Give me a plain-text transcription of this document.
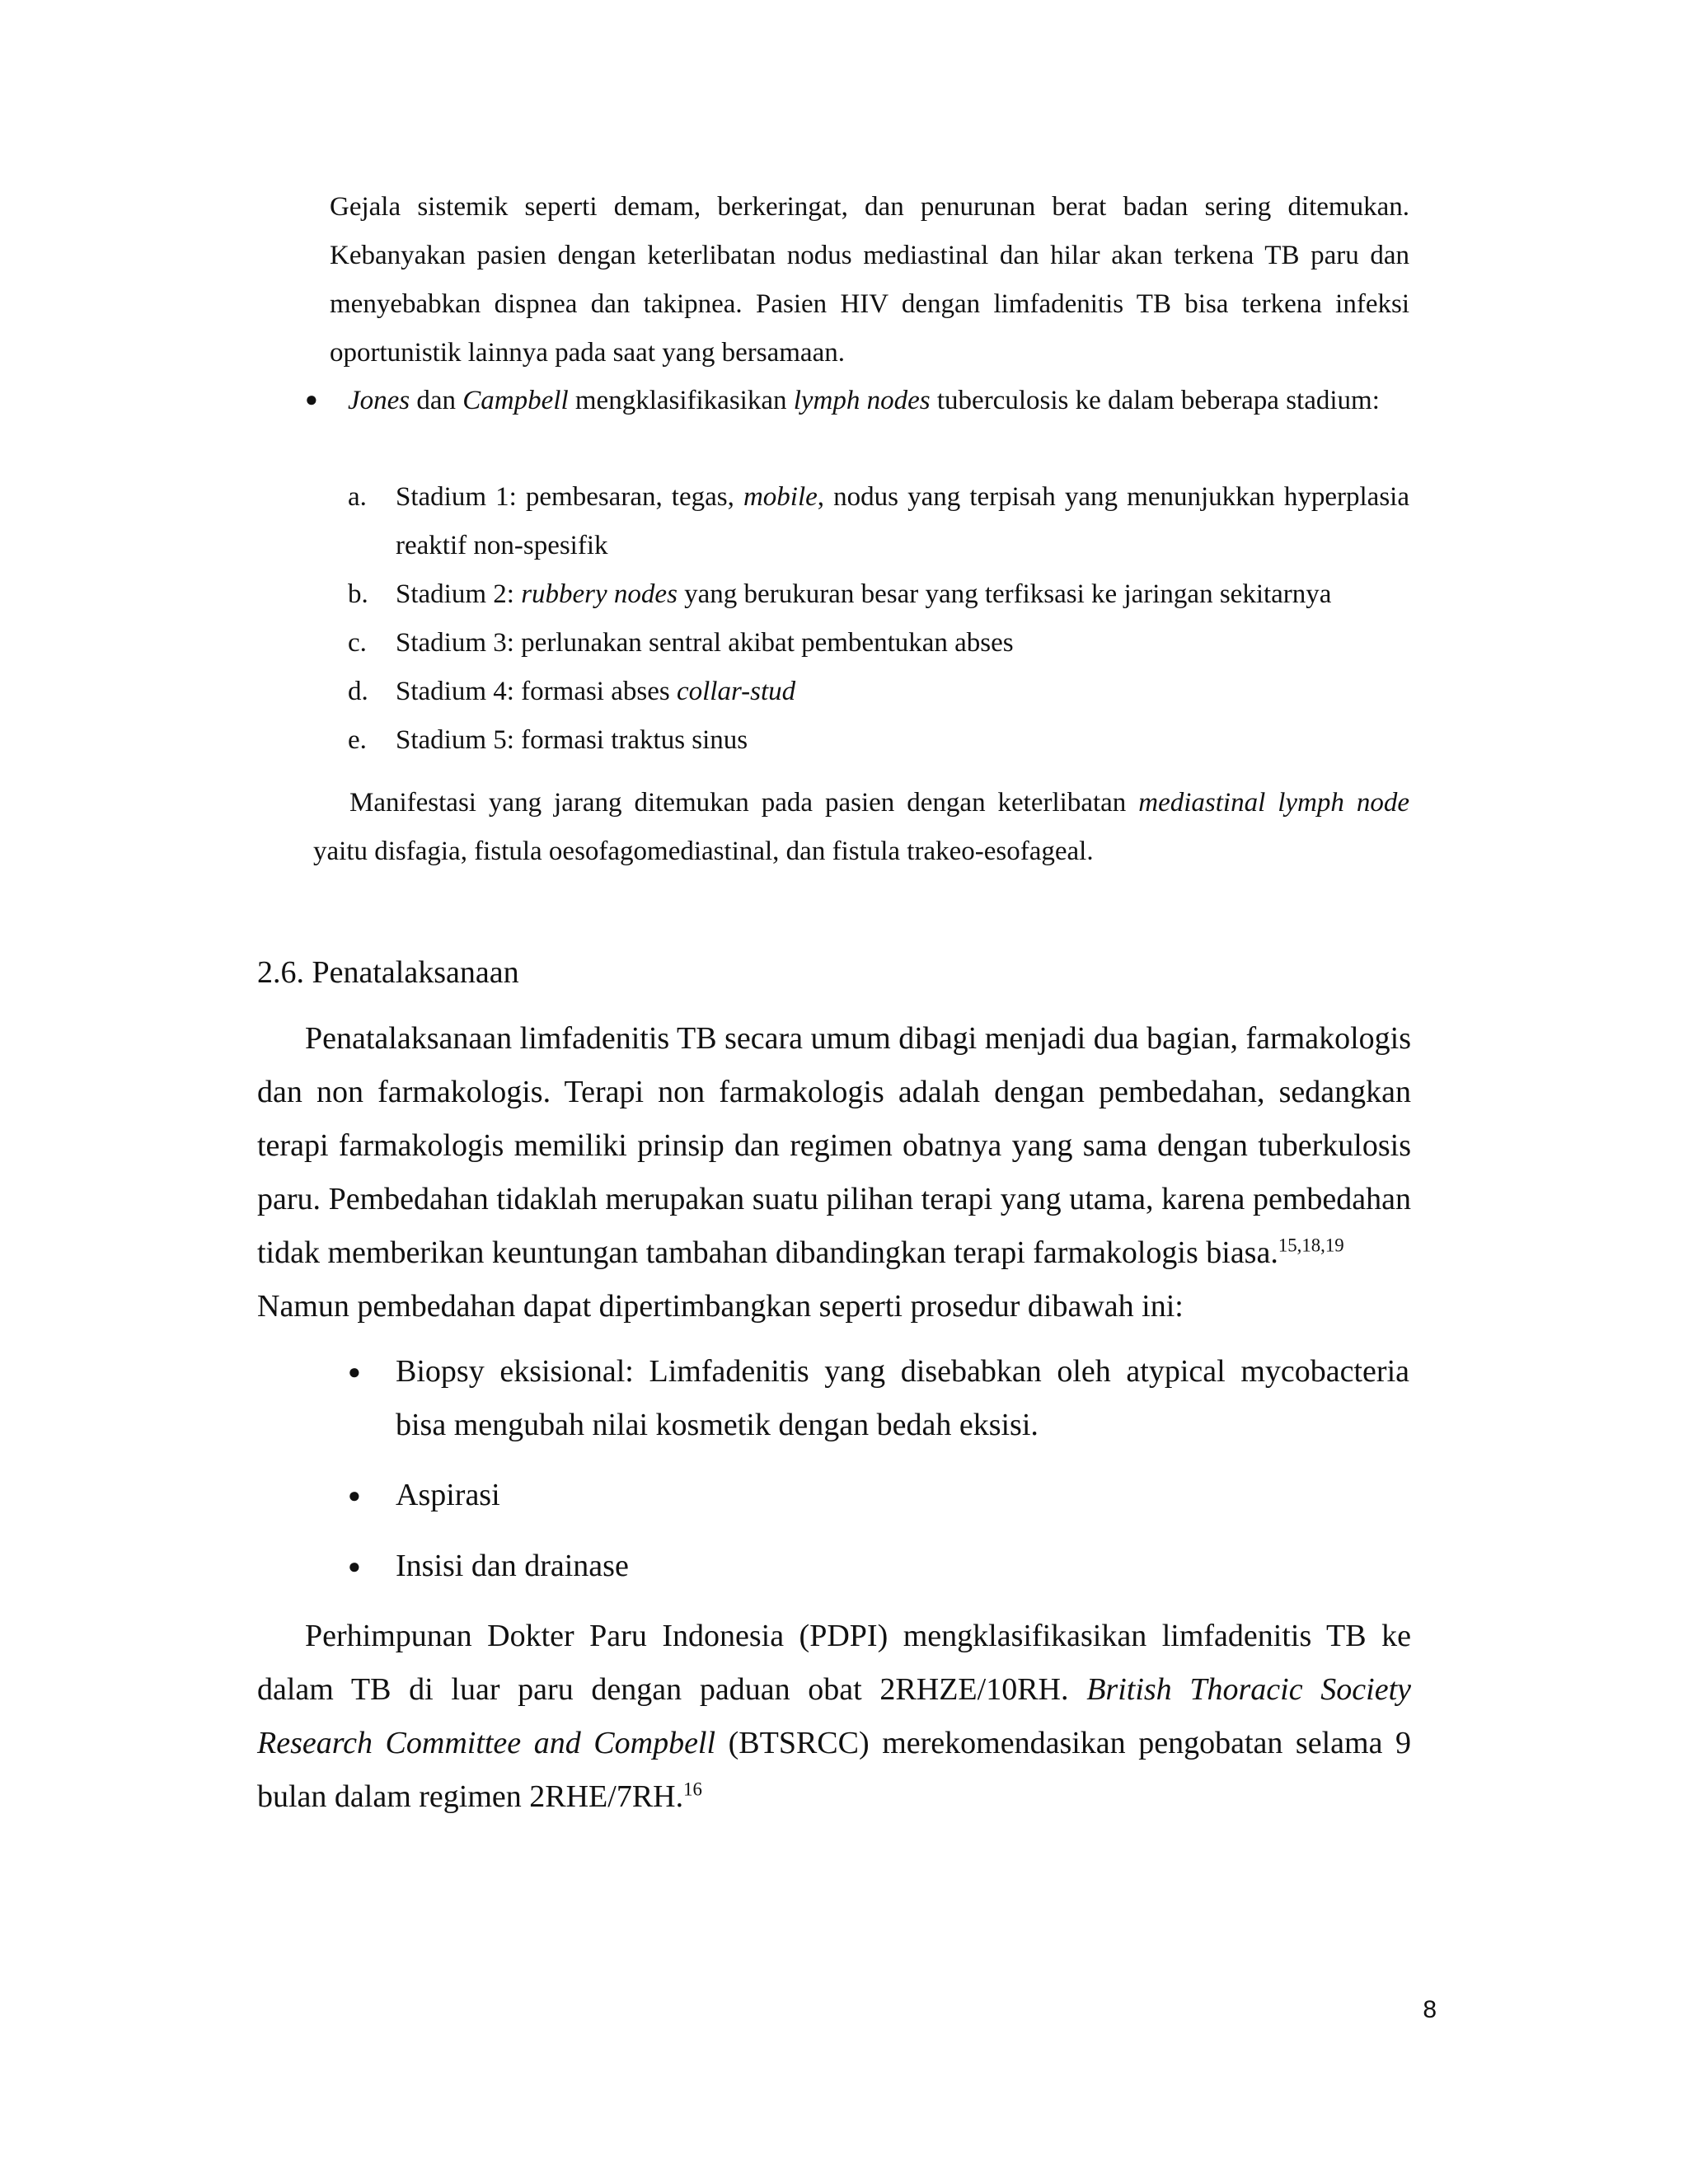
Gejala sistemik seperti demam, berkeringat, dan penurunan berat badan sering ditemukan. Kebanyakan pasien dengan keterlibatan nodus mediastinal dan hilar akan terkena TB paru dan menyebabkan dispnea dan takipnea. Pasien HIV dengan limfadenitis TB bisa terkena infeksi oportunistik lainnya pada saat yang bersamaan.

● Jones dan Campbell mengklasifikasikan lymph nodes tuberculosis ke dalam beberapa stadium:

a. Stadium 1: pembesaran, tegas, mobile, nodus yang terpisah yang menunjukkan hyperplasia reaktif non-spesifik

b. Stadium 2: rubbery nodes yang berukuran besar yang terfiksasi ke jaringan sekitarnya

c. Stadium 3: perlunakan sentral akibat pembentukan abses

d. Stadium 4: formasi abses collar-stud

e. Stadium 5: formasi traktus sinus

Manifestasi yang jarang ditemukan pada pasien dengan keterlibatan mediastinal lymph node yaitu disfagia, fistula oesofagomediastinal, dan fistula trakeo-esofageal.

2.6. Penatalaksanaan

Penatalaksanaan limfadenitis TB secara umum dibagi menjadi dua bagian, farmakologis dan non farmakologis. Terapi non farmakologis adalah dengan pembedahan, sedangkan terapi farmakologis memiliki prinsip dan regimen obatnya yang sama dengan tuberkulosis paru. Pembedahan tidaklah merupakan suatu pilihan terapi yang utama, karena pembedahan tidak memberikan keuntungan tambahan dibandingkan terapi farmakologis biasa.$^{15,18,19}$
Namun pembedahan dapat dipertimbangkan seperti prosedur dibawah ini:

● Biopsy eksisional: Limfadenitis yang disebabkan oleh atypical mycobacteria bisa mengubah nilai kosmetik dengan bedah eksisi.

● Aspirasi

● Insisi dan drainase

Perhimpunan Dokter Paru Indonesia (PDPI) mengklasifikasikan limfadenitis TB ke dalam TB di luar paru dengan paduan obat 2RHZE/10RH. British Thoracic Society Research Committee and Compbell (BTSRCC) merekomendasikan pengobatan selama 9 bulan dalam regimen 2RHE/7RH.$^{16}$

8
